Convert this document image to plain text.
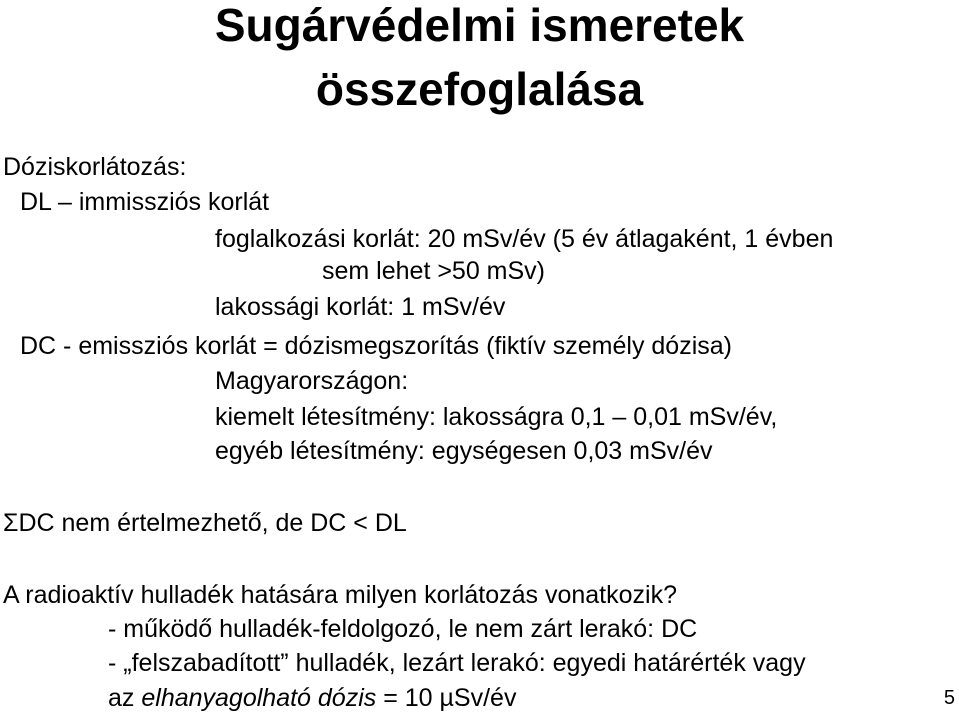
Sugárvédelmi ismeretek
összefoglalása
Dóziskorlátozás:
DL – immissziós korlát
foglalkozási korlát: 20 mSv/év (5 év átlagaként, 1 évben
sem lehet >50 mSv)
lakossági korlát: 1 mSv/év
DC - emissziós korlát = dózismegszorítás (fiktív személy dózisa)
Magyarországon:
kiemelt létesítmény: lakosságra 0,1 – 0,01 mSv/év,
egyéb létesítmény: egységesen 0,03 mSv/év
ΣDC nem értelmezhető, de DC < DL
A radioaktív hulladék hatására milyen korlátozás vonatkozik?
- működő hulladék-feldolgozó, le nem zárt lerakó: DC
- „felszabadított” hulladék, lezárt lerakó: egyedi határérték vagy
az elhanyagolható dózis = 10 µSv/év	5
